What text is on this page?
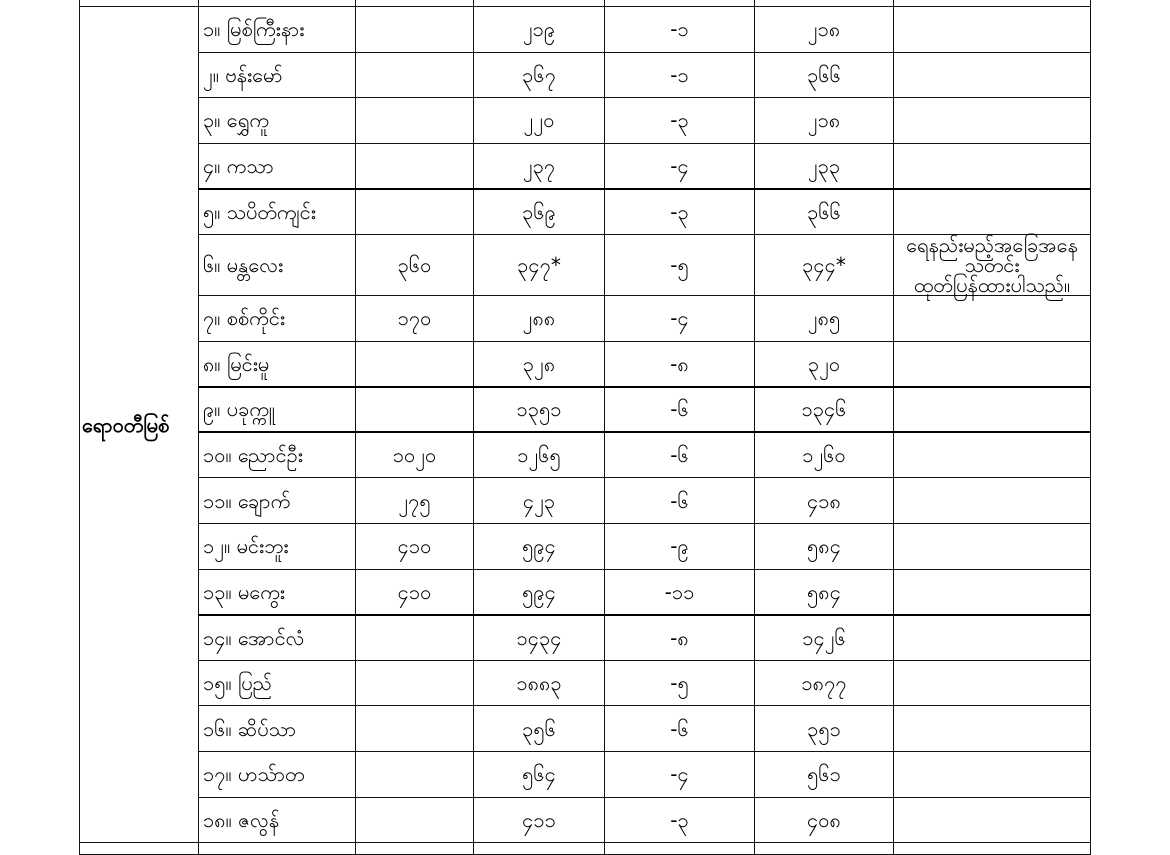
ရောဝတီမြစ်	၁။ မြစ်ကြီးနား		၂၁၉	-၁	၂၁၈	
	၂။ ဗန်းမော်		၃၆၇	-၁	၃၆၆	
	၃။ ရွှေကူ		၂၂၀	-၃	၂၁၈	
	၄။ ကသာ		၂၃၇	-၄	၂၃၃	
	၅။ သပိတ်ကျင်း		၃၆၉	-၃	၃၆၆	
	၆။ မန္တလေး	၃၆၀	၃၄၇*	-၅	၃၄၄*	ရေနည်းမည့်အခြေအနေသတင်း
ထုတ်ပြန်ထားပါသည်။

	၇။ စစ်ကိုင်း	၁၇၀	၂၈၈	-၄	၂၈၅	
	၈။ မြင်းမူ		၃၂၈	-၈	၃၂၀	
	၉။ ပခုက္ကူ		၁၃၅၁	-၆	၁၃၄၆	
	၁၀။ ညောင်ဦး	၁၀၂၀	၁၂၆၅	-၆	၁၂၆၀	
	၁၁။ ချောက်	၂၇၅	၄၂၃	-၆	၄၁၈	
	၁၂။ မင်းဘူး	၄၁၀	၅၉၄	-၉	၅၈၄	
	၁၃။ မကွေး	၄၁၀	၅၉၄	-၁၁	၅၈၄	
	၁၄။ အောင်လံ		၁၄၃၄	-၈	၁၄၂၆	
	၁၅။ ပြည်		၁၈၈၃	-၅	၁၈၇၇	
	၁၆။ ဆိပ်သာ		၃၅၆	-၆	၃၅၁	
	၁၇။ ဟသ်ာတ		၅၆၄	-၄	၅၆၁	
	၁၈။ ဇလွန်		၄၁၁	-၃	၄၀၈	
